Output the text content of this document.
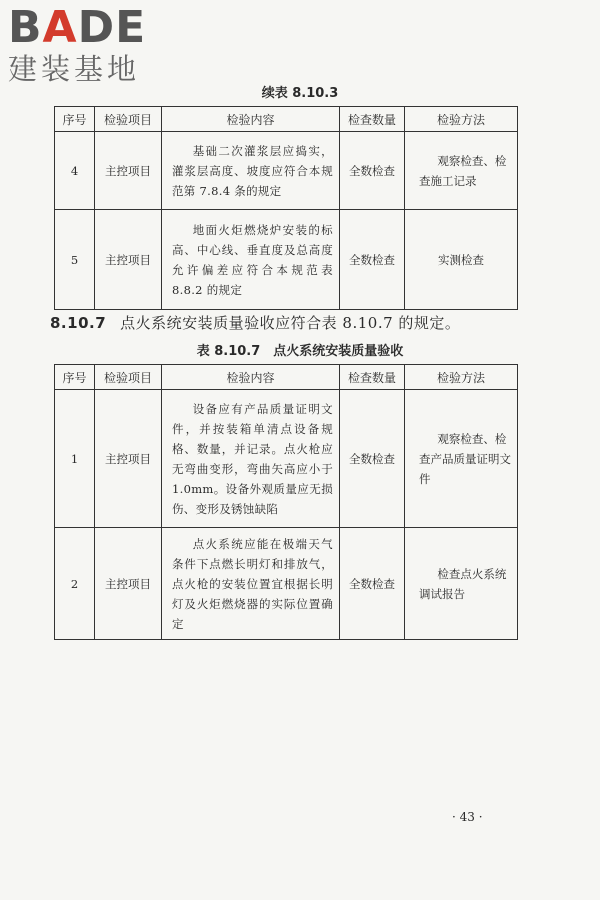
BADE
建装基地
续表 8.10.3
序号	检验项目	检验内容	检查数量	检验方法
4	主控项目	基础二次灌浆层应捣实，灌浆层高度、坡度应符合本规范第 7.8.4 条的规定	全数检查	观察检查、检查施工记录
5	主控项目	地面火炬燃烧炉安装的标高、中心线、垂直度及总高度允许偏差应符合本规范表 8.8.2 的规定	全数检查	实测检查
8.10.7 点火系统安装质量验收应符合表 8.10.7 的规定。
表 8.10.7　点火系统安装质量验收
序号	检验项目	检验内容	检查数量	检验方法
1	主控项目	设备应有产品质量证明文件，并按装箱单清点设备规格、数量，并记录。点火枪应无弯曲变形，弯曲矢高应小于 1.0mm。设备外观质量应无损伤、变形及锈蚀缺陷	全数检查	观察检查、检查产品质量证明文件
2	主控项目	点火系统应能在极端天气条件下点燃长明灯和排放气，点火枪的安装位置宜根据长明灯及火炬燃烧器的实际位置确定	全数检查	检查点火系统调试报告
· 43 ·
